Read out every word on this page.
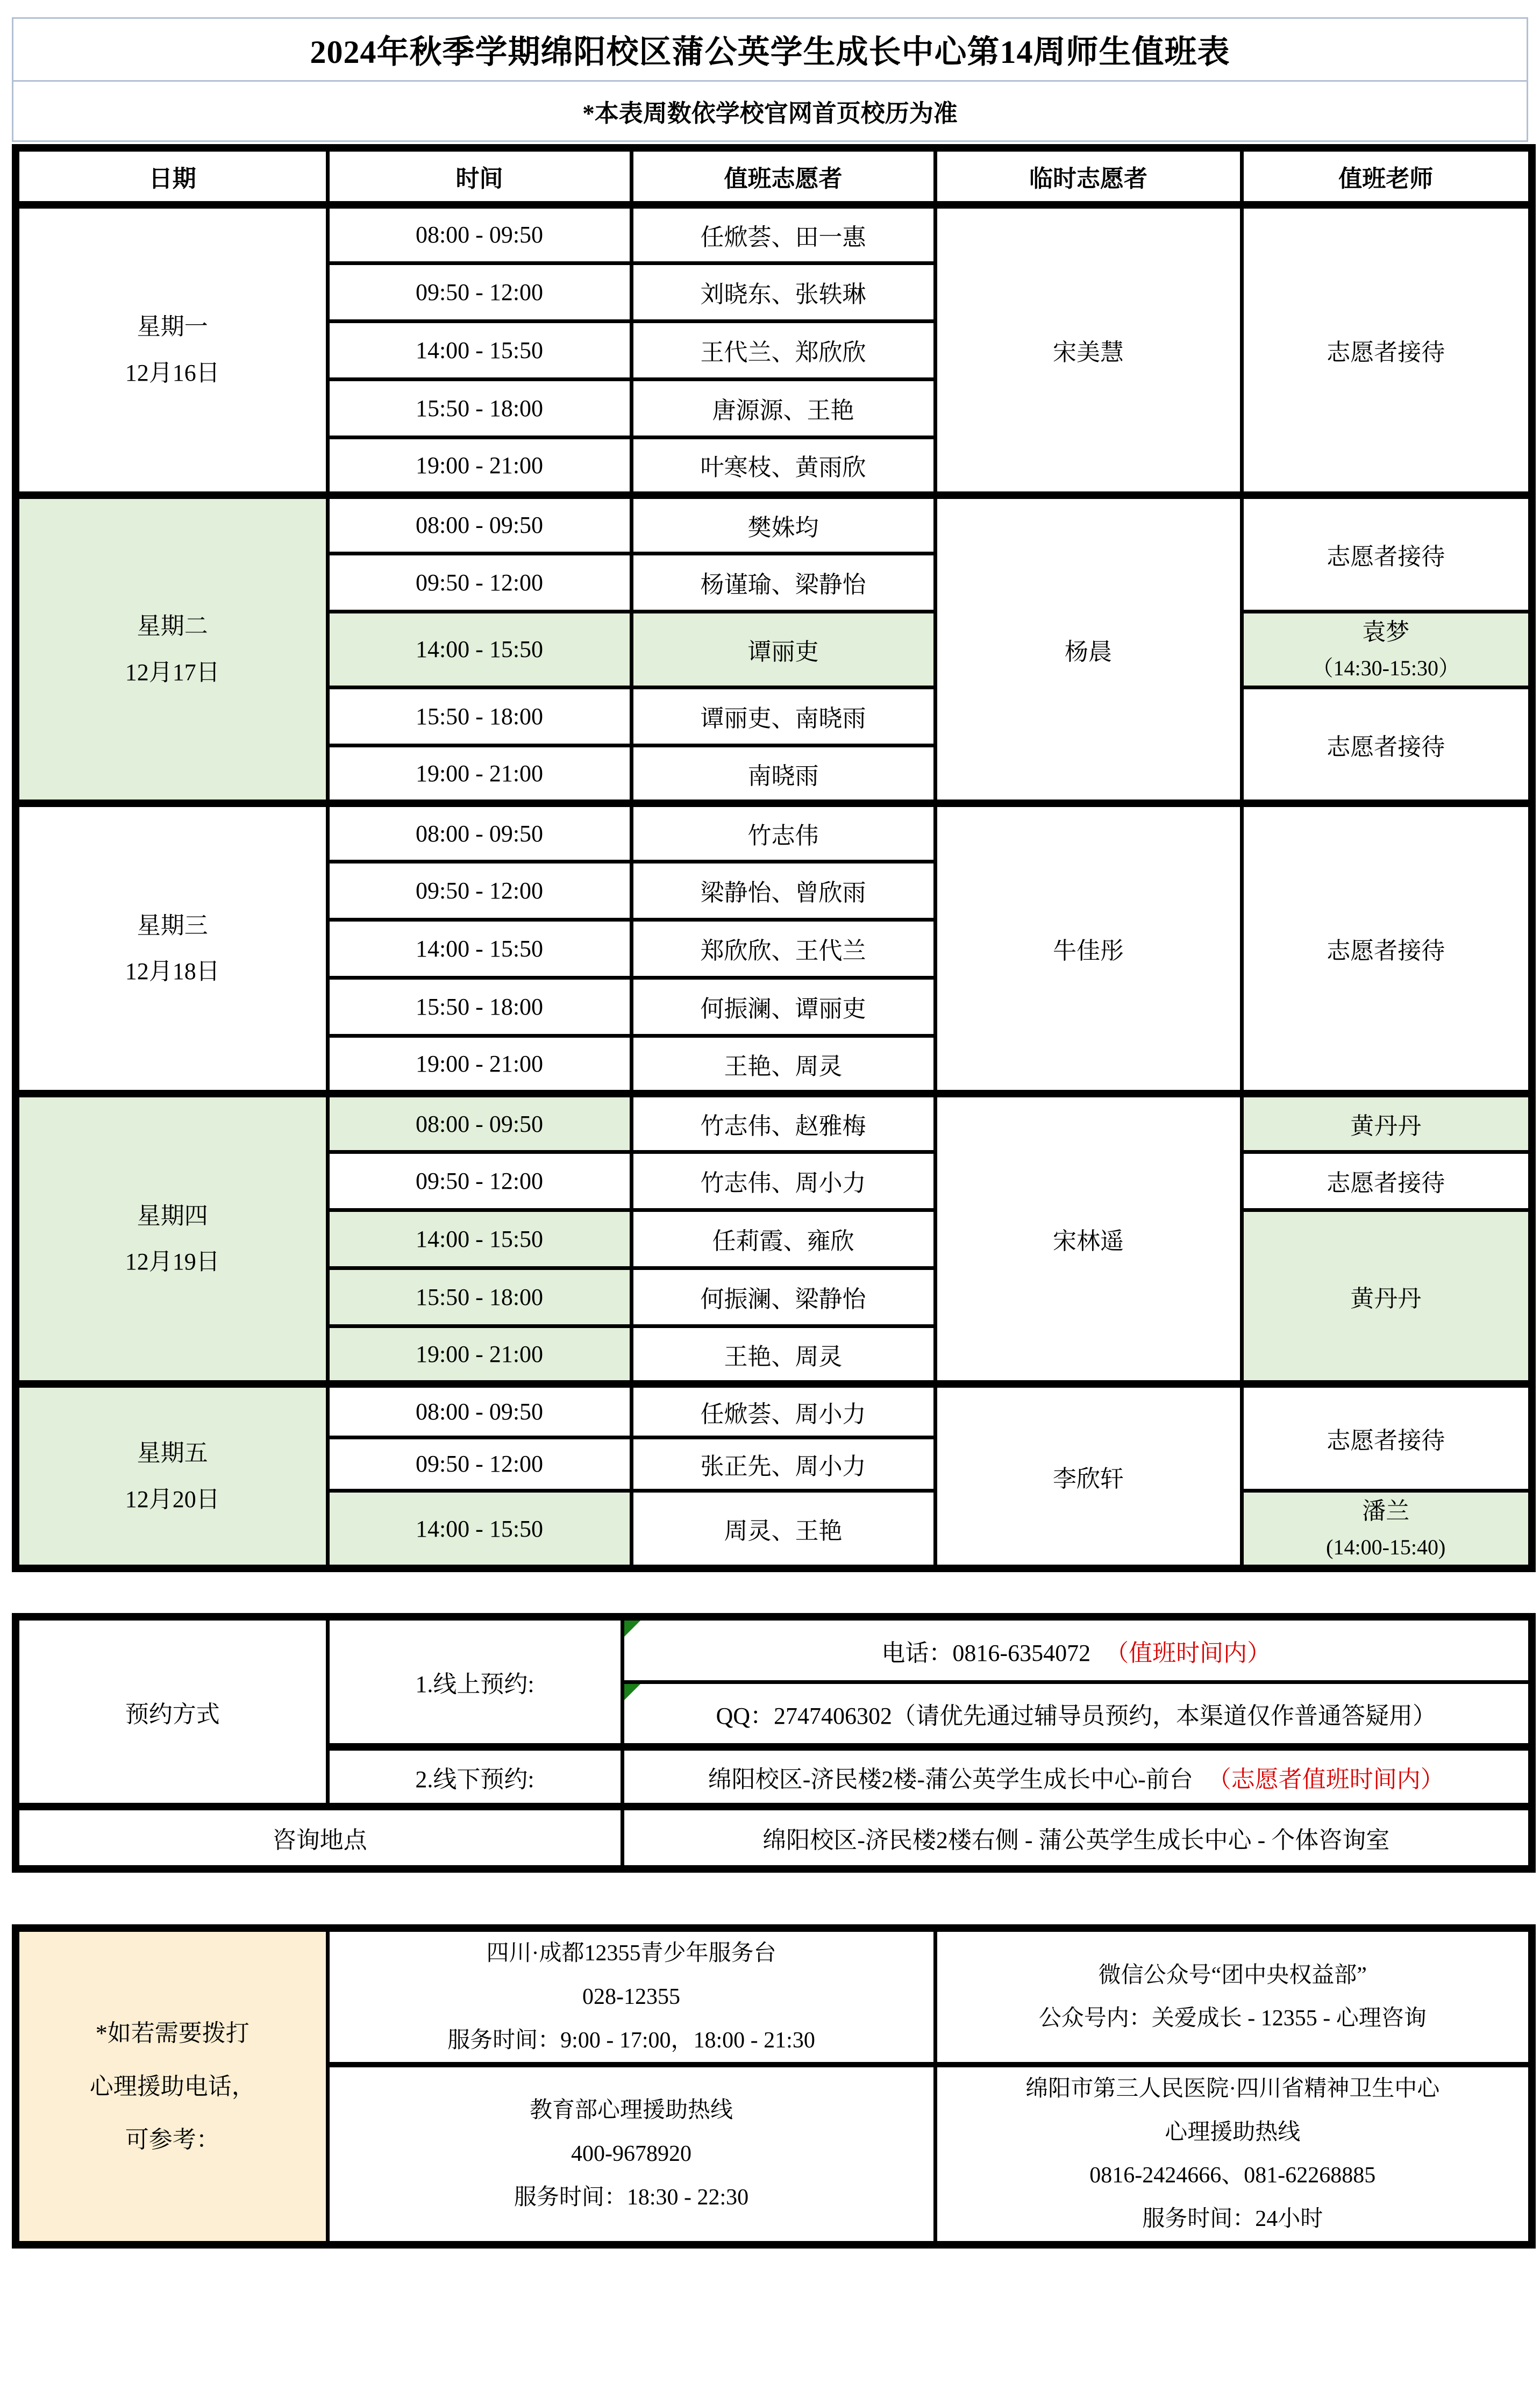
2024年秋季学期绵阳校区蒲公英学生成长中心第14周师生值班表
*本表周数依学校官网首页校历为准
日期	时间	值班志愿者	临时志愿者	值班老师

星期一
12月16日	08:00 - 09:50	任焮荟、田一惠	宋美慧	志愿者接待
	09:50 - 12:00	刘晓东、张轶琳		
	14:00 - 15:50	王代兰、郑欣欣		
	15:50 - 18:00	唐源源、王艳		
	19:00 - 21:00	叶寒枝、黄雨欣		

星期二
12月17日	08:00 - 09:50	樊姝均	杨晨	志愿者接待
	09:50 - 12:00	杨谨瑜、梁静怡		
	14:00 - 15:50	谭丽吏		袁梦
（14:30-15:30）

	15:50 - 18:00	谭丽吏、南晓雨		志愿者接待
	19:00 - 21:00	南晓雨		

星期三
12月18日	08:00 - 09:50	竹志伟	牛佳彤	志愿者接待
	09:50 - 12:00	梁静怡、曾欣雨		
	14:00 - 15:50	郑欣欣、王代兰		
	15:50 - 18:00	何振澜、谭丽吏		
	19:00 - 21:00	王艳、周灵		

星期四
12月19日	08:00 - 09:50	竹志伟、赵雅梅	宋林遥	黄丹丹
	09:50 - 12:00	竹志伟、周小力		志愿者接待
	14:00 - 15:50	任莉霞、雍欣		黄丹丹
	15:50 - 18:00	何振澜、梁静怡		
	19:00 - 21:00	王艳、周灵		

星期五
12月20日	08:00 - 09:50	任焮荟、周小力	李欣轩	志愿者接待
	09:50 - 12:00	张正先、周小力		
	14:00 - 15:50	周灵、王艳		潘兰
(14:00-15:40)
预约方式	1.线上预约:	电话：0816-6354072 （值班时间内）

QQ：2747406302（请优先通过辅导员预约，本渠道仅作普通答疑用）
	2.线下预约:	绵阳校区-济民楼2楼-蒲公英学生成长中心-前台 （志愿者值班时间内）
咨询地点		绵阳校区-济民楼2楼右侧 - 蒲公英学生成长中心 - 个体咨询室
*如若需要拨打
心理援助电话，
可参考：

四川·成都12355青少年服务台
028-12355
服务时间：9:00 - 17:00，18:00 - 21:30

微信公众号“团中央权益部”
公众号内：关爱成长 - 12355 - 心理咨询

教育部心理援助热线
400-9678920
服务时间：18:30 - 22:30

绵阳市第三人民医院·四川省精神卫生中心
心理援助热线
0816-2424666、081-62268885
服务时间：24小时
